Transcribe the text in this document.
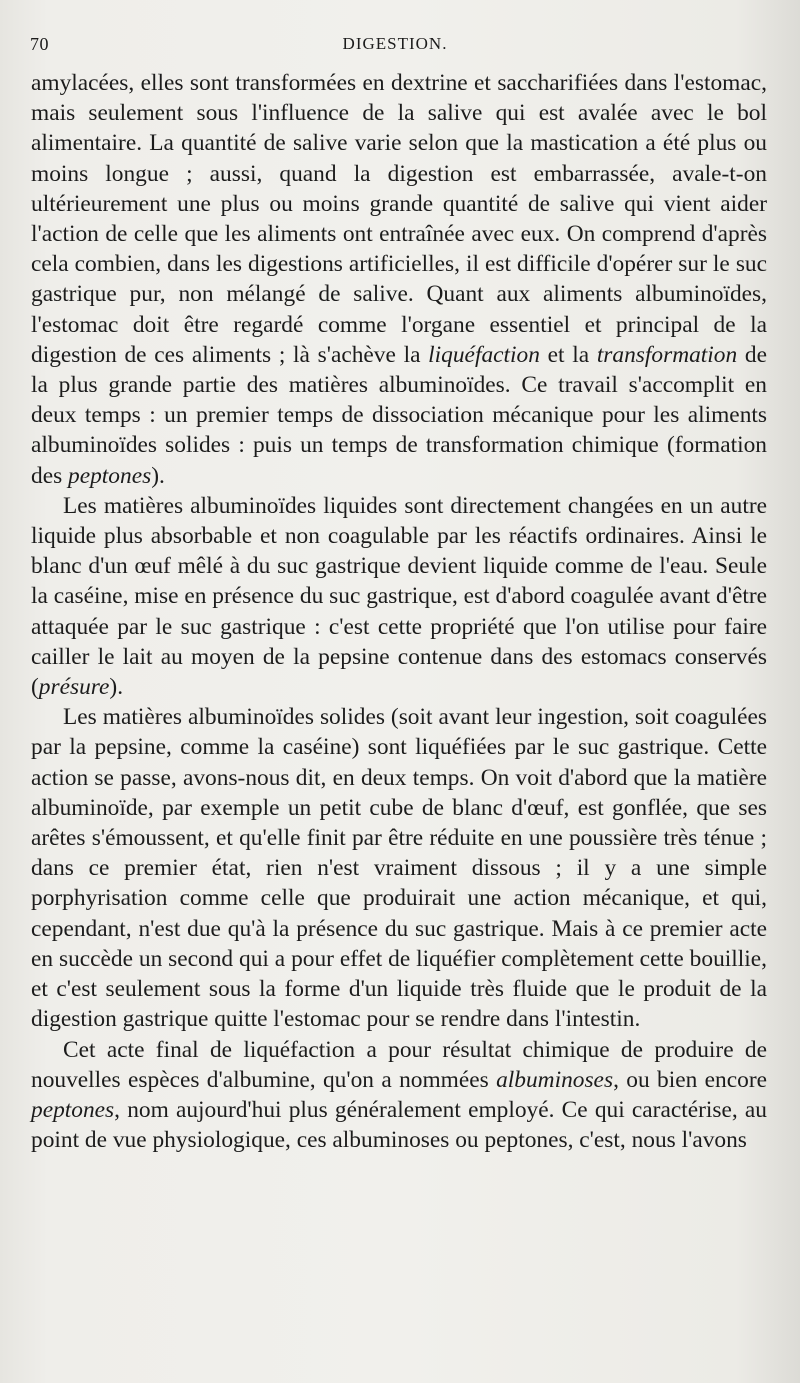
70	DIGESTION.

amylacées, elles sont transformées en dextrine et saccharifiées dans l'estomac, mais seulement sous l'influence de la salive qui est avalée avec le bol alimentaire. La quantité de salive varie selon que la mastication a été plus ou moins longue ; aussi, quand la digestion est embarrassée, avale-t-on ultérieurement une plus ou moins grande quantité de salive qui vient aider l'action de celle que les aliments ont entraînée avec eux. On comprend d'après cela combien, dans les digestions artificielles, il est difficile d'opérer sur le suc gastrique pur, non mélangé de salive. Quant aux aliments albuminoïdes, l'estomac doit être regardé comme l'organe essentiel et principal de la digestion de ces aliments ; là s'achève la liquéfaction et la transformation de la plus grande partie des matières albuminoïdes. Ce travail s'accomplit en deux temps : un premier temps de dissociation mécanique pour les aliments albuminoïdes solides : puis un temps de transformation chimique (formation des peptones).

Les matières albuminoïdes liquides sont directement changées en un autre liquide plus absorbable et non coagulable par les réactifs ordinaires. Ainsi le blanc d'un œuf mêlé à du suc gastrique devient liquide comme de l'eau. Seule la caséine, mise en présence du suc gastrique, est d'abord coagulée avant d'être attaquée par le suc gastrique : c'est cette propriété que l'on utilise pour faire cailler le lait au moyen de la pepsine contenue dans des estomacs conservés (présure).

Les matières albuminoïdes solides (soit avant leur ingestion, soit coagulées par la pepsine, comme la caséine) sont liquéfiées par le suc gastrique. Cette action se passe, avons-nous dit, en deux temps. On voit d'abord que la matière albuminoïde, par exemple un petit cube de blanc d'œuf, est gonflée, que ses arêtes s'émoussent, et qu'elle finit par être réduite en une poussière très ténue ; dans ce premier état, rien n'est vraiment dissous ; il y a une simple porphyrisation comme celle que produirait une action mécanique, et qui, cependant, n'est due qu'à la présence du suc gastrique. Mais à ce premier acte en succède un second qui a pour effet de liquéfier complètement cette bouillie, et c'est seulement sous la forme d'un liquide très fluide que le produit de la digestion gastrique quitte l'estomac pour se rendre dans l'intestin.

Cet acte final de liquéfaction a pour résultat chimique de produire de nouvelles espèces d'albumine, qu'on a nommées albuminoses, ou bien encore peptones, nom aujourd'hui plus généralement employé. Ce qui caractérise, au point de vue physiologique, ces albuminoses ou peptones, c'est, nous l'avons
